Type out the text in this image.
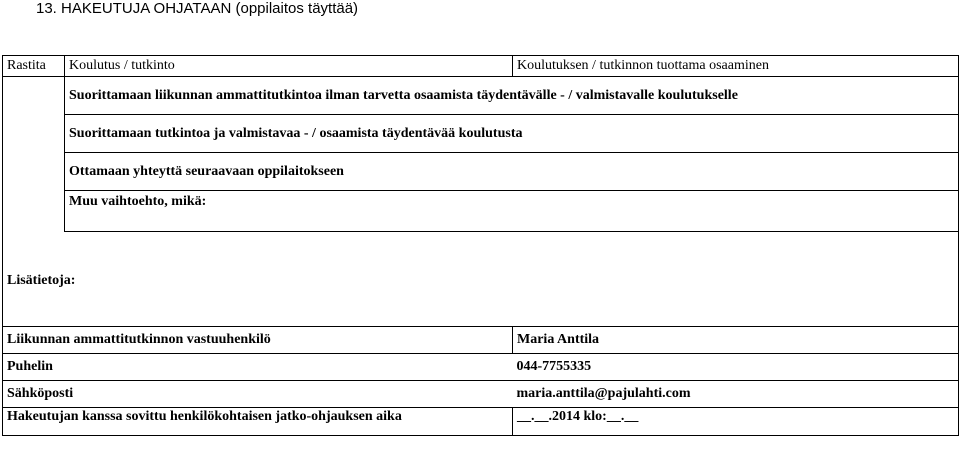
13. HAKEUTUJA OHJATAAN (oppilaitos täyttää)
Rastita	Koulutus / tutkinto	Koulutuksen / tutkinnon tuottama osaaminen
	Suorittamaan liikunnan ammattitutkintoa ilman tarvetta osaamista täydentävälle - / valmistavalle koulutukselle	
	Suorittamaan tutkintoa ja valmistavaa - / osaamista täydentävää koulutusta	
	Ottamaan yhteyttä seuraavaan oppilaitokseen	
	Muu vaihtoehto, mikä:	

Lisätietoja:		

Liikunnan ammattitutkinnon vastuuhenkilö		Maria Anttila
Puhelin		044-7755335
Sähköposti		maria.anttila@pajulahti.com
Hakeutujan kanssa sovittu henkilökohtaisen jatko-ohjauksen aika		__.__.2014 klo:__.__
